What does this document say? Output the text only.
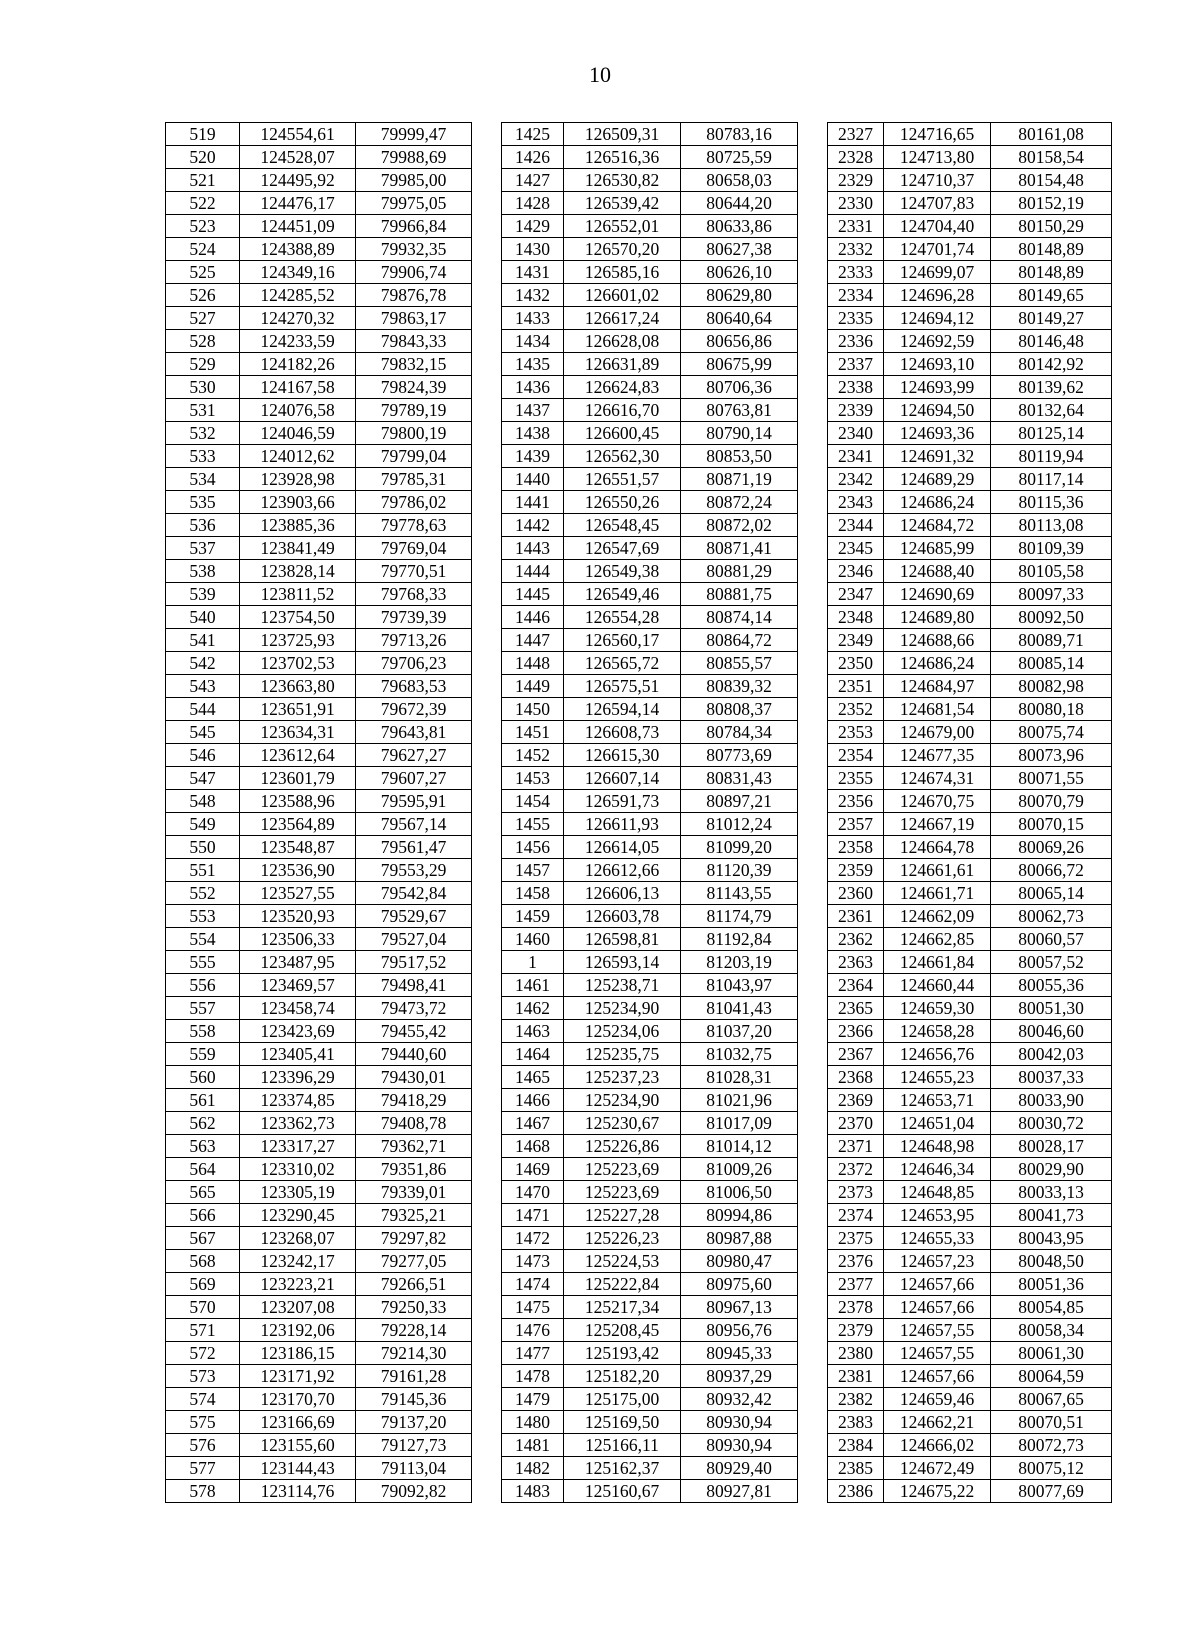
10
519	124554,61	79999,47		1425	126509,31	80783,16		2327	124716,65	80161,08
520	124528,07	79988,69		1426	126516,36	80725,59		2328	124713,80	80158,54
521	124495,92	79985,00		1427	126530,82	80658,03		2329	124710,37	80154,48
522	124476,17	79975,05		1428	126539,42	80644,20		2330	124707,83	80152,19
523	124451,09	79966,84		1429	126552,01	80633,86		2331	124704,40	80150,29
524	124388,89	79932,35		1430	126570,20	80627,38		2332	124701,74	80148,89
525	124349,16	79906,74		1431	126585,16	80626,10		2333	124699,07	80148,89
526	124285,52	79876,78		1432	126601,02	80629,80		2334	124696,28	80149,65
527	124270,32	79863,17		1433	126617,24	80640,64		2335	124694,12	80149,27
528	124233,59	79843,33		1434	126628,08	80656,86		2336	124692,59	80146,48
529	124182,26	79832,15		1435	126631,89	80675,99		2337	124693,10	80142,92
530	124167,58	79824,39		1436	126624,83	80706,36		2338	124693,99	80139,62
531	124076,58	79789,19		1437	126616,70	80763,81		2339	124694,50	80132,64
532	124046,59	79800,19		1438	126600,45	80790,14		2340	124693,36	80125,14
533	124012,62	79799,04		1439	126562,30	80853,50		2341	124691,32	80119,94
534	123928,98	79785,31		1440	126551,57	80871,19		2342	124689,29	80117,14
535	123903,66	79786,02		1441	126550,26	80872,24		2343	124686,24	80115,36
536	123885,36	79778,63		1442	126548,45	80872,02		2344	124684,72	80113,08
537	123841,49	79769,04		1443	126547,69	80871,41		2345	124685,99	80109,39
538	123828,14	79770,51		1444	126549,38	80881,29		2346	124688,40	80105,58
539	123811,52	79768,33		1445	126549,46	80881,75		2347	124690,69	80097,33
540	123754,50	79739,39		1446	126554,28	80874,14		2348	124689,80	80092,50
541	123725,93	79713,26		1447	126560,17	80864,72		2349	124688,66	80089,71
542	123702,53	79706,23		1448	126565,72	80855,57		2350	124686,24	80085,14
543	123663,80	79683,53		1449	126575,51	80839,32		2351	124684,97	80082,98
544	123651,91	79672,39		1450	126594,14	80808,37		2352	124681,54	80080,18
545	123634,31	79643,81		1451	126608,73	80784,34		2353	124679,00	80075,74
546	123612,64	79627,27		1452	126615,30	80773,69		2354	124677,35	80073,96
547	123601,79	79607,27		1453	126607,14	80831,43		2355	124674,31	80071,55
548	123588,96	79595,91		1454	126591,73	80897,21		2356	124670,75	80070,79
549	123564,89	79567,14		1455	126611,93	81012,24		2357	124667,19	80070,15
550	123548,87	79561,47		1456	126614,05	81099,20		2358	124664,78	80069,26
551	123536,90	79553,29		1457	126612,66	81120,39		2359	124661,61	80066,72
552	123527,55	79542,84		1458	126606,13	81143,55		2360	124661,71	80065,14
553	123520,93	79529,67		1459	126603,78	81174,79		2361	124662,09	80062,73
554	123506,33	79527,04		1460	126598,81	81192,84		2362	124662,85	80060,57
555	123487,95	79517,52		1	126593,14	81203,19		2363	124661,84	80057,52
556	123469,57	79498,41		1461	125238,71	81043,97		2364	124660,44	80055,36
557	123458,74	79473,72		1462	125234,90	81041,43		2365	124659,30	80051,30
558	123423,69	79455,42		1463	125234,06	81037,20		2366	124658,28	80046,60
559	123405,41	79440,60		1464	125235,75	81032,75		2367	124656,76	80042,03
560	123396,29	79430,01		1465	125237,23	81028,31		2368	124655,23	80037,33
561	123374,85	79418,29		1466	125234,90	81021,96		2369	124653,71	80033,90
562	123362,73	79408,78		1467	125230,67	81017,09		2370	124651,04	80030,72
563	123317,27	79362,71		1468	125226,86	81014,12		2371	124648,98	80028,17
564	123310,02	79351,86		1469	125223,69	81009,26		2372	124646,34	80029,90
565	123305,19	79339,01		1470	125223,69	81006,50		2373	124648,85	80033,13
566	123290,45	79325,21		1471	125227,28	80994,86		2374	124653,95	80041,73
567	123268,07	79297,82		1472	125226,23	80987,88		2375	124655,33	80043,95
568	123242,17	79277,05		1473	125224,53	80980,47		2376	124657,23	80048,50
569	123223,21	79266,51		1474	125222,84	80975,60		2377	124657,66	80051,36
570	123207,08	79250,33		1475	125217,34	80967,13		2378	124657,66	80054,85
571	123192,06	79228,14		1476	125208,45	80956,76		2379	124657,55	80058,34
572	123186,15	79214,30		1477	125193,42	80945,33		2380	124657,55	80061,30
573	123171,92	79161,28		1478	125182,20	80937,29		2381	124657,66	80064,59
574	123170,70	79145,36		1479	125175,00	80932,42		2382	124659,46	80067,65
575	123166,69	79137,20		1480	125169,50	80930,94		2383	124662,21	80070,51
576	123155,60	79127,73		1481	125166,11	80930,94		2384	124666,02	80072,73
577	123144,43	79113,04		1482	125162,37	80929,40		2385	124672,49	80075,12
578	123114,76	79092,82		1483	125160,67	80927,81		2386	124675,22	80077,69
